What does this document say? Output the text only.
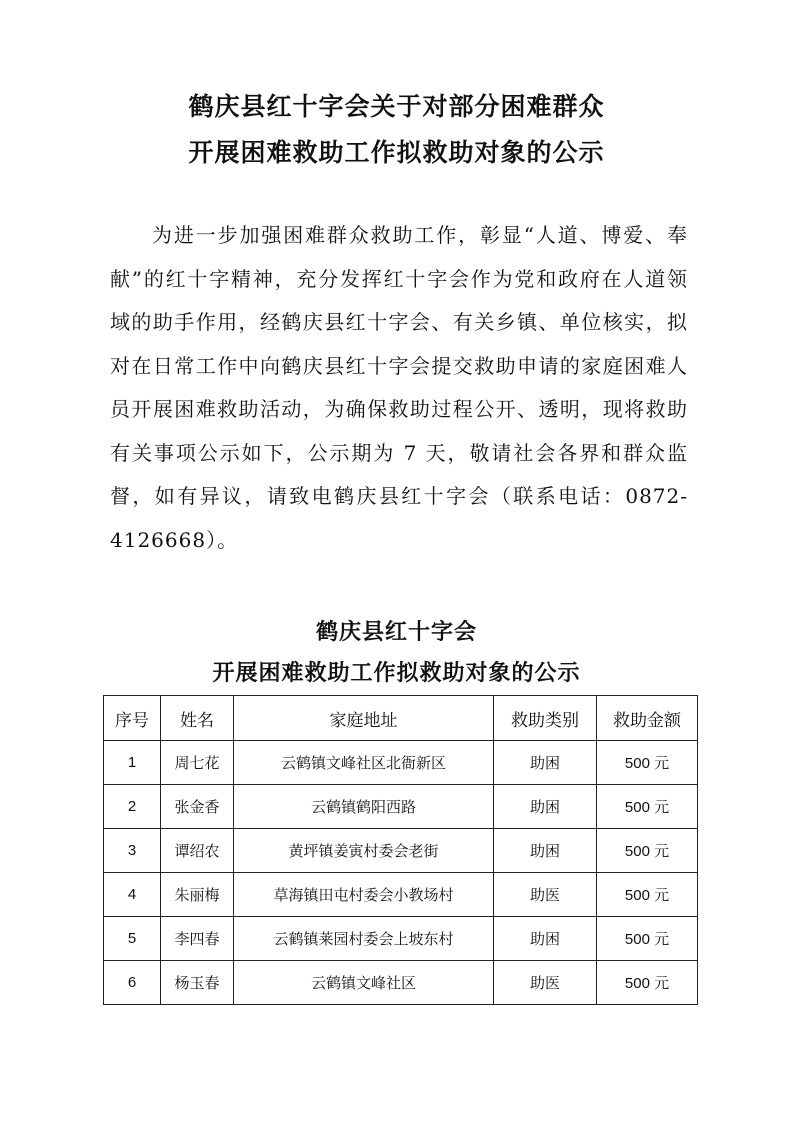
鹤庆县红十字会关于对部分困难群众
开展困难救助工作拟救助对象的公示
为进一步加强困难群众救助工作，彰显“人道、博爱、奉献”的红十字精神，充分发挥红十字会作为党和政府在人道领域的助手作用，经鹤庆县红十字会、有关乡镇、单位核实，拟对在日常工作中向鹤庆县红十字会提交救助申请的家庭困难人员开展困难救助活动，为确保救助过程公开、透明，现将救助有关事项公示如下，公示期为 7 天，敬请社会各界和群众监督，如有异议，请致电鹤庆县红十字会（联系电话：0872-4126668）。
鹤庆县红十字会
开展困难救助工作拟救助对象的公示
序号	姓名	家庭地址	救助类别	救助金额
1	周七花	云鹤镇文峰社区北衙新区	助困	500 元
2	张金香	云鹤镇鹤阳西路	助困	500 元
3	谭绍农	黄坪镇姜寅村委会老街	助困	500 元
4	朱丽梅	草海镇田屯村委会小教场村	助医	500 元
5	李四春	云鹤镇莱园村委会上坡东村	助困	500 元
6	杨玉春	云鹤镇文峰社区	助医	500 元
